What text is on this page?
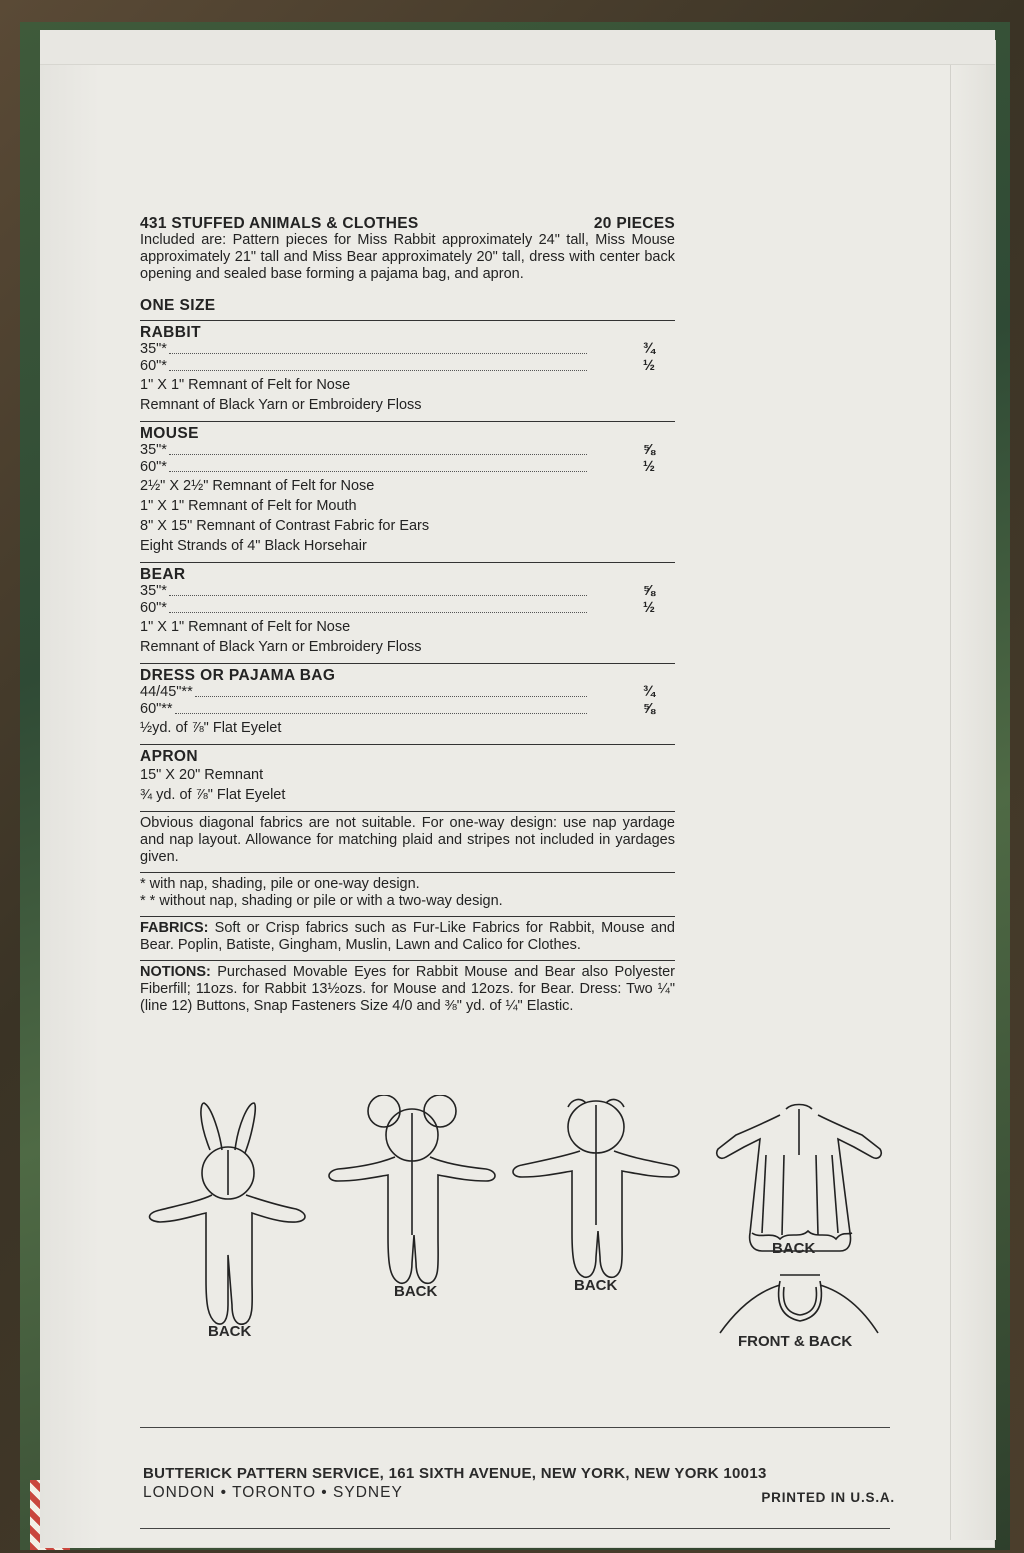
431 STUFFED ANIMALS & CLOTHES	20 PIECES
Included are: Pattern pieces for Miss Rabbit approximately 24" tall, Miss Mouse approximately 21" tall and Miss Bear approximately 20" tall, dress with center back opening and sealed base forming a pajama bag, and apron.
ONE SIZE
RABBIT
35"*	¾
60"*	½
1" X 1" Remnant of Felt for Nose
Remnant of Black Yarn or Embroidery Floss
MOUSE
35"*	⅝
60"*	½
2½" X 2½" Remnant of Felt for Nose
1" X 1" Remnant of Felt for Mouth
8" X 15" Remnant of Contrast Fabric for Ears
Eight Strands of 4" Black Horsehair
BEAR
35"*	⅝
60"*	½
1" X 1" Remnant of Felt for Nose
Remnant of Black Yarn or Embroidery Floss
DRESS OR PAJAMA BAG
44/45"**	¾
60"**	⅝
½yd. of ⅞" Flat Eyelet
APRON
15" X 20" Remnant
¾ yd. of ⅞" Flat Eyelet
Obvious diagonal fabrics are not suitable. For one-way design: use nap yardage and nap layout. Allowance for matching plaid and stripes not included in yardages given.
* with nap, shading, pile or one-way design.
* * without nap, shading or pile or with a two-way design.
FABRICS: Soft or Crisp fabrics such as Fur-Like Fabrics for Rabbit, Mouse and Bear. Poplin, Batiste, Gingham, Muslin, Lawn and Calico for Clothes.
NOTIONS: Purchased Movable Eyes for Rabbit Mouse and Bear also Polyester Fiberfill; 11ozs. for Rabbit 13½ozs. for Mouse and 12ozs. for Bear. Dress: Two ¼" (line 12) Buttons, Snap Fasteners Size 4/0 and ⅜" yd. of ¼" Elastic.
BACK
BACK	BACK
BACK
FRONT & BACK
BUTTERICK PATTERN SERVICE, 161 SIXTH AVENUE, NEW YORK, NEW YORK 10013
LONDON • TORONTO • SYDNEY	PRINTED IN U.S.A.
